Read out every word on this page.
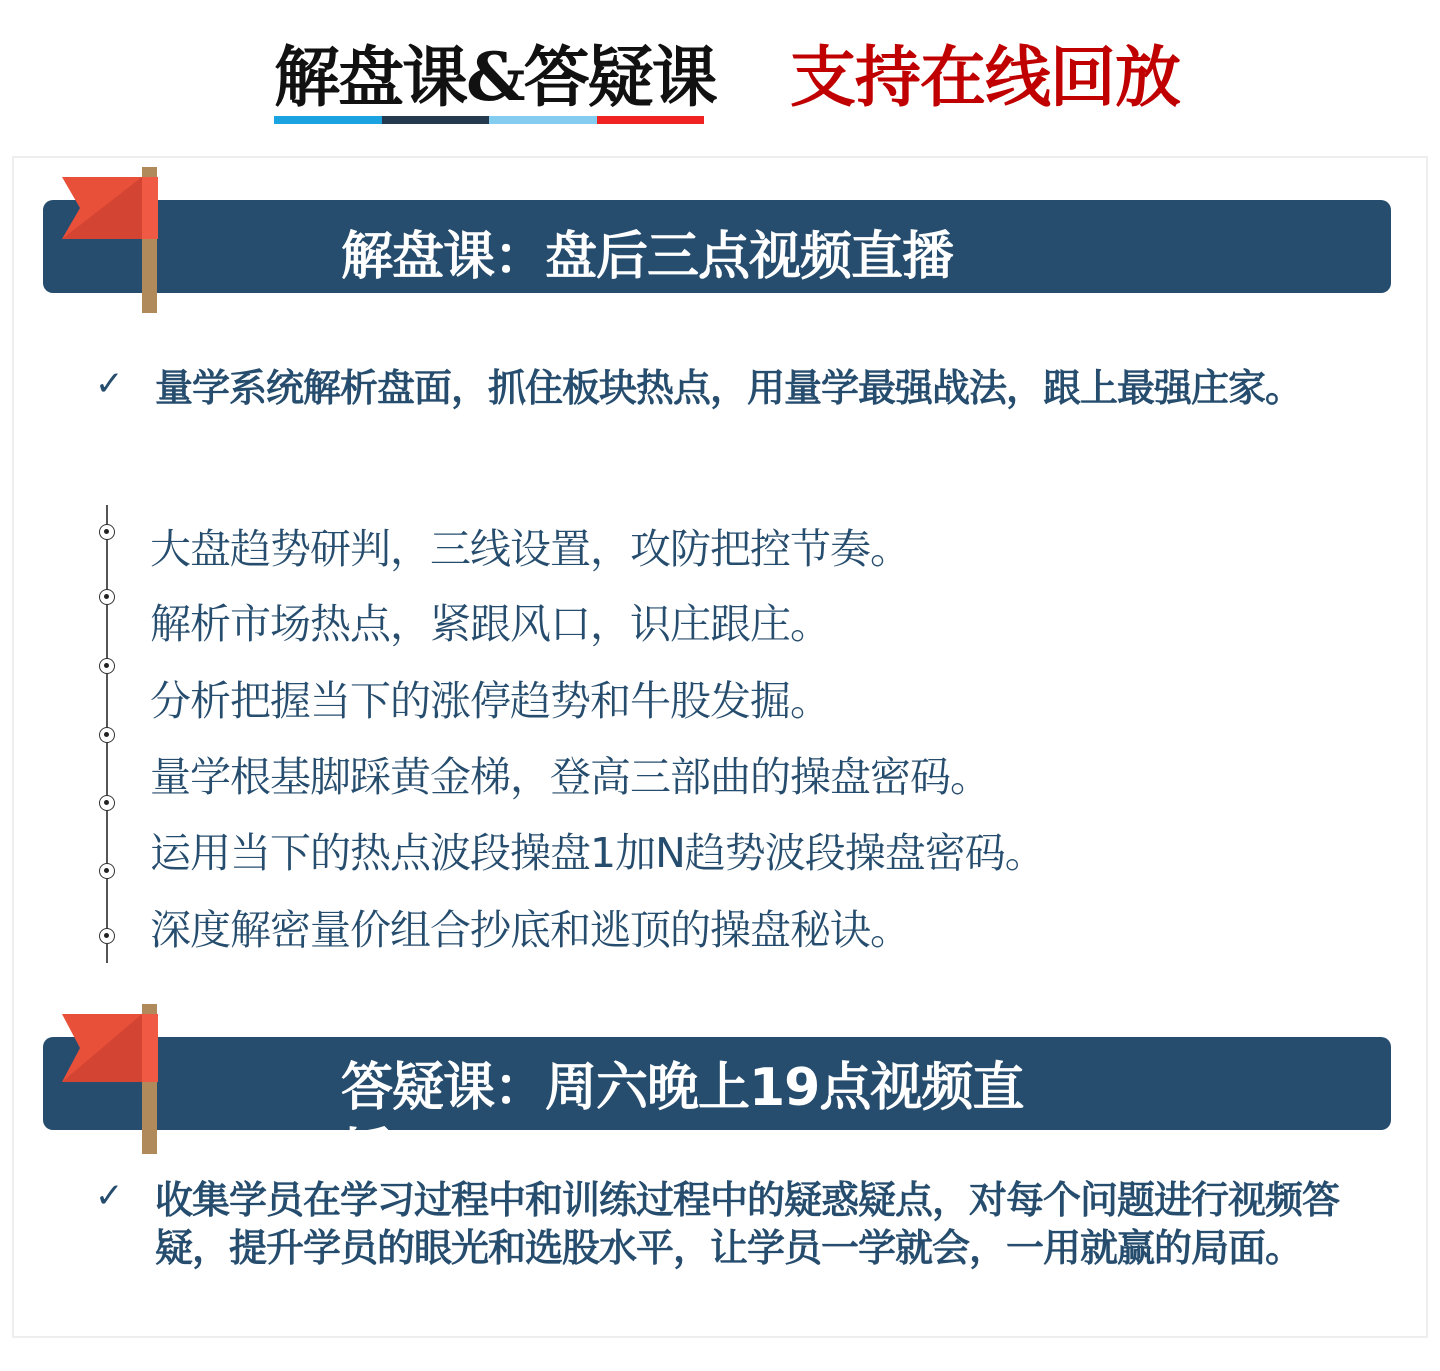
解盘课&答疑课 支持在线回放
解盘课：盘后三点视频直播
✓ 量学系统解析盘面，抓住板块热点，用量学最强战法，跟上最强庄家。
大盘趋势研判，三线设置，攻防把控节奏。
解析市场热点，紧跟风口，识庄跟庄。
分析把握当下的涨停趋势和牛股发掘。
量学根基脚踩黄金梯，登高三部曲的操盘密码。
运用当下的热点波段操盘1加N趋势波段操盘密码。
深度解密量价组合抄底和逃顶的操盘秘诀。
答疑课：周六晚上19点视频直播
✓ 收集学员在学习过程中和训练过程中的疑惑疑点，对每个问题进行视频答疑，提升学员的眼光和选股水平，让学员一学就会，一用就赢的局面。
